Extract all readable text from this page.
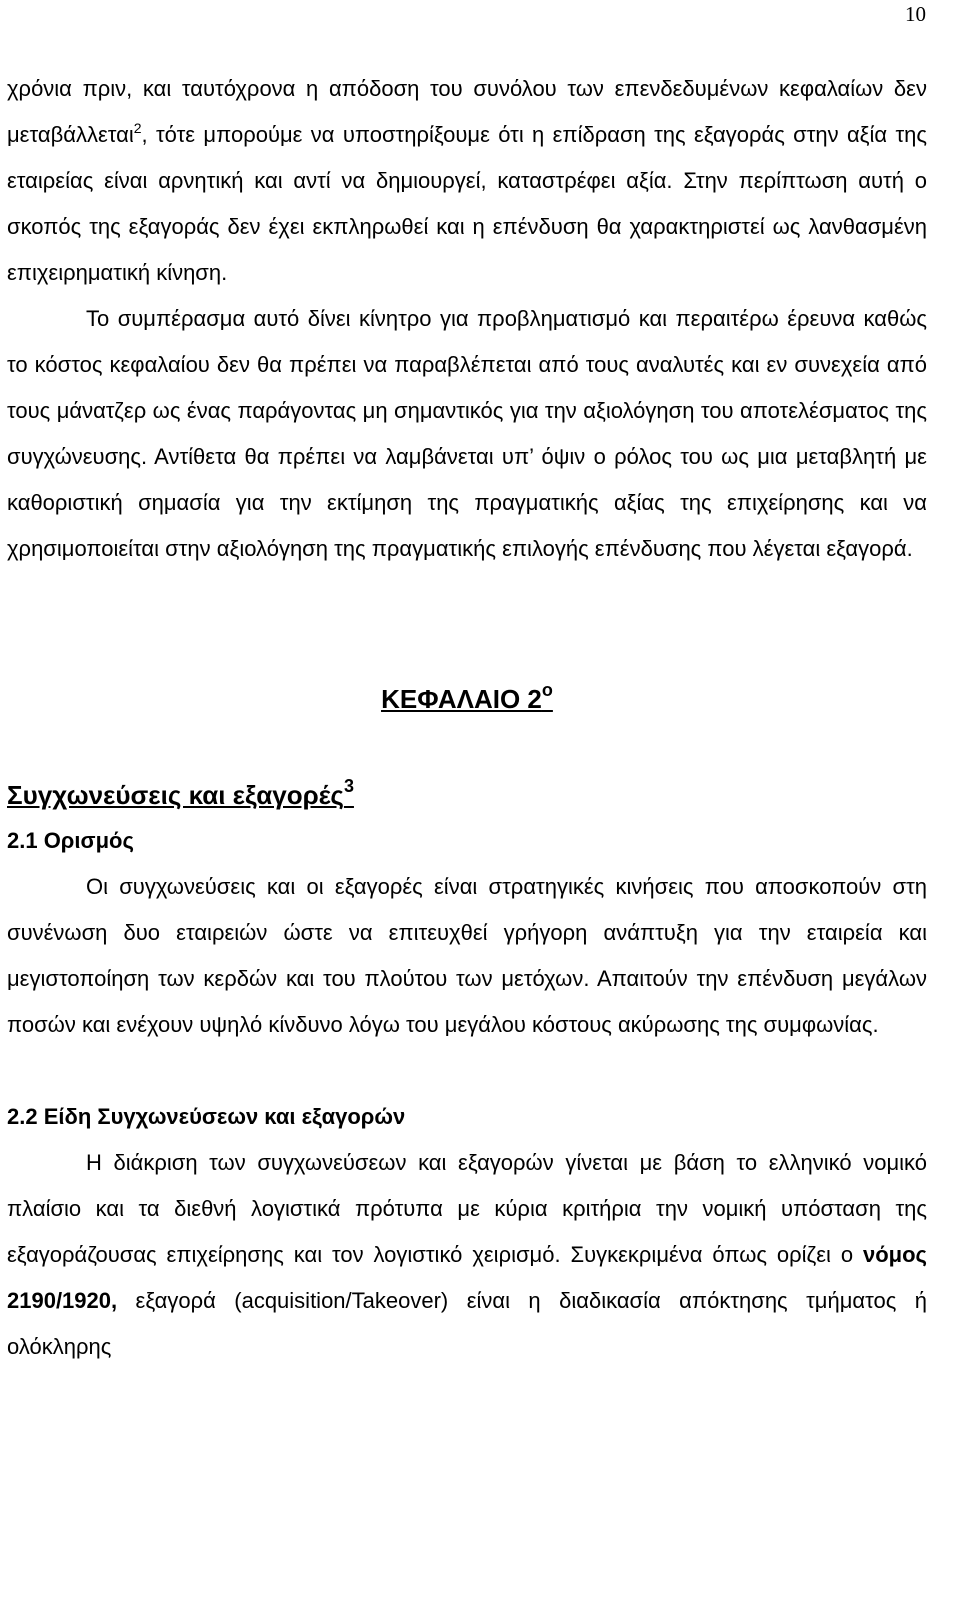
10

χρόνια πριν, και ταυτόχρονα η απόδοση του συνόλου των επενδεδυμένων κεφαλαίων δεν μεταβάλλεται$^2$, τότε μπορούμε να υποστηρίξουμε ότι η επίδραση της εξαγοράς στην αξία της εταιρείας είναι αρνητική και αντί να δημιουργεί, καταστρέφει αξία. Στην περίπτωση αυτή ο σκοπός της εξαγοράς δεν έχει εκπληρωθεί και η επένδυση θα χαρακτηριστεί ως λανθασμένη επιχειρηματική κίνηση.

Το συμπέρασμα αυτό δίνει κίνητρο για προβληματισμό και περαιτέρω έρευνα καθώς το κόστος κεφαλαίου δεν θα πρέπει να παραβλέπεται από τους αναλυτές και εν συνεχεία από τους μάνατζερ ως ένας παράγοντας μη σημαντικός για την αξιολόγηση του αποτελέσματος της συγχώνευσης. Αντίθετα θα πρέπει να λαμβάνεται υπ’ όψιν ο ρόλος του ως μια μεταβλητή με καθοριστική σημασία για την εκτίμηση της πραγματικής αξίας της επιχείρησης και να χρησιμοποιείται στην αξιολόγηση της πραγματικής επιλογής επένδυσης που λέγεται εξαγορά.

ΚΕΦΑΛΑΙΟ $2^o$
Συγχωνεύσεις και εξαγορές$^3$
2.1 Ορισμός

Οι συγχωνεύσεις και οι εξαγορές είναι στρατηγικές κινήσεις που αποσκοπούν στη συνένωση δυο εταιρειών ώστε να επιτευχθεί γρήγορη ανάπτυξη για την εταιρεία και μεγιστοποίηση των κερδών και του πλούτου των μετόχων. Απαιτούν την επένδυση μεγάλων ποσών και ενέχουν υψηλό κίνδυνο λόγω του μεγάλου κόστους ακύρωσης της συμφωνίας.

2.2 Είδη Συγχωνεύσεων και εξαγορών

Η διάκριση των συγχωνεύσεων και εξαγορών γίνεται με βάση το ελληνικό νομικό πλαίσιο και τα διεθνή λογιστικά πρότυπα με κύρια κριτήρια την νομική υπόσταση της εξαγοράζουσας επιχείρησης και τον λογιστικό χειρισμό. Συγκεκριμένα όπως ορίζει ο νόμος 2190/1920, εξαγορά (acquisition/Takeover) είναι η διαδικασία απόκτησης τμήματος ή ολόκληρης
